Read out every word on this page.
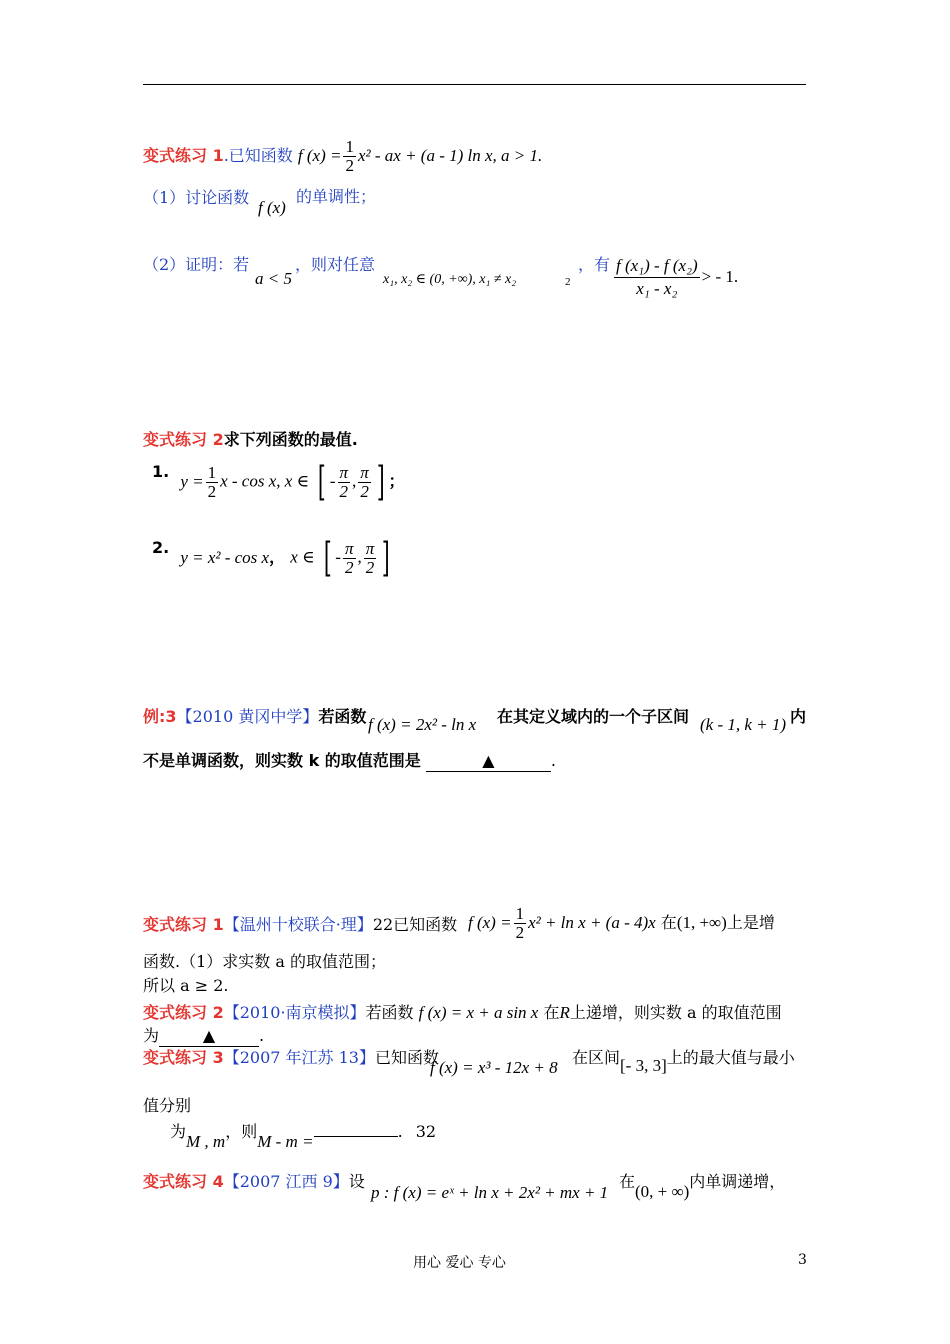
变式练习 1.已知函数 f $(x) = \frac{1}{2} x^2$ - ax + (a - 1) ln x, a > 1.
（1）讨论函数
f (x)
的单调性；
（2）证明：若
a < 5
，则对任意
x₁, x₂ ∈ (0, +∞), x₁ ≠ x₂	2
，有 $\frac{\text{f (x₁) - f (x₂)}}{\text{x₁ - x₂}}$ > - 1.
变式练习 2求下列函数的最值.
1. $y = \frac{1}{2}$ x - cos x, x ∈ [ - $\frac{\pi}{2}$ , $\frac{\pi}{2}$ ] ；
2. y = x² - cos x， x ∈ [ - $\frac{\pi}{2}$ , $\frac{\pi}{2}$ ]
例:3【2010 黄冈中学】若函数 f (x) = 2x² - ln x 在其定义域内的一个子区间 (k - 1, k + 1) 内
不是单调函数，则实数 k 的取值范围是	▲	.
变式练习 1【温州十校联合·理】22已知函数 f $(x) = \frac{1}{2} x^2 + \ln x + (a - 4)x$ 在(1, +∞)上是增
函数.（1）求实数 a 的取值范围；
所以 a ≥ 2.
变式练习 2【2010·南京模拟】若函数 f (x) = x + a sin x 在R上递增，则实数 a 的取值范围
为	▲	.
变式练习 3【2007 年江苏 13】已知函数
f (x) = x³ - 12x + 8
在区间[- 3, 3]上的最大值与最小
值分别
为M , m，则M - m =. 32
变式练习 4【2007 江西 9】设
p : f (x) = eˣ + ln x + 2x² + mx + 1
在(0, + ∞)内单调递增，
用心 爱心 专心	3
